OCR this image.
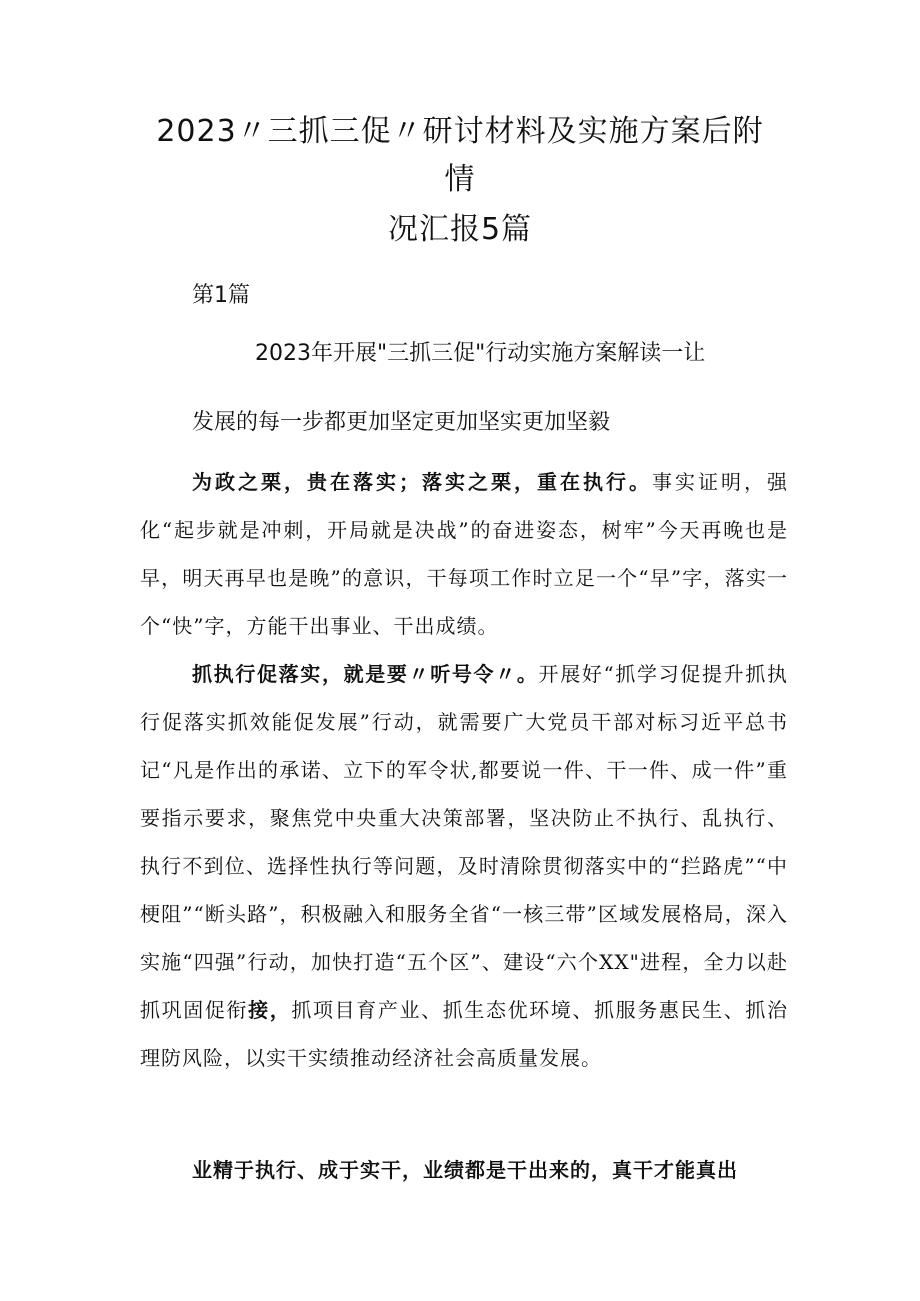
2023〃三抓三促〃研讨材料及实施方案后附
情
况汇报5篇
第1篇
2023年开展"三抓三促"行动实施方案解读一让
发展的每一步都更加坚定更加坚实更加坚毅

为政之栗，贵在落实；落实之栗，重在执行。事实证明，强化“起步就是冲刺，开局就是决战”的奋进姿态，树牢”今天再晚也是早，明天再早也是晚”的意识，干每项工作时立足一个“早”字，落实一个“快”字，方能干出事业、干出成绩。

抓执行促落实，就是要〃听号令〃。开展好“抓学习促提升抓执行促落实抓效能促发展”行动，就需要广大党员干部对标习近平总书记“凡是作出的承诺、立下的军令状,都要说一件、干一件、成一件”重要指示要求，聚焦党中央重大决策部署，坚决防止不执行、乱执行、执行不到位、选择性执行等问题，及时清除贯彻落实中的“拦路虎”“中梗阻”“断头路”，积极融入和服务全省“一核三带”区域发展格局，深入实施“四强”行动，加快打造“五个区”、建设“六个XX"进程，全力以赴抓巩固促衔接，抓项目育产业、抓生态优环境、抓服务惠民生、抓治理防风险，以实干实绩推动经济社会高质量发展。

业精于执行、成于实干，业绩都是干出来的，真干才能真出
